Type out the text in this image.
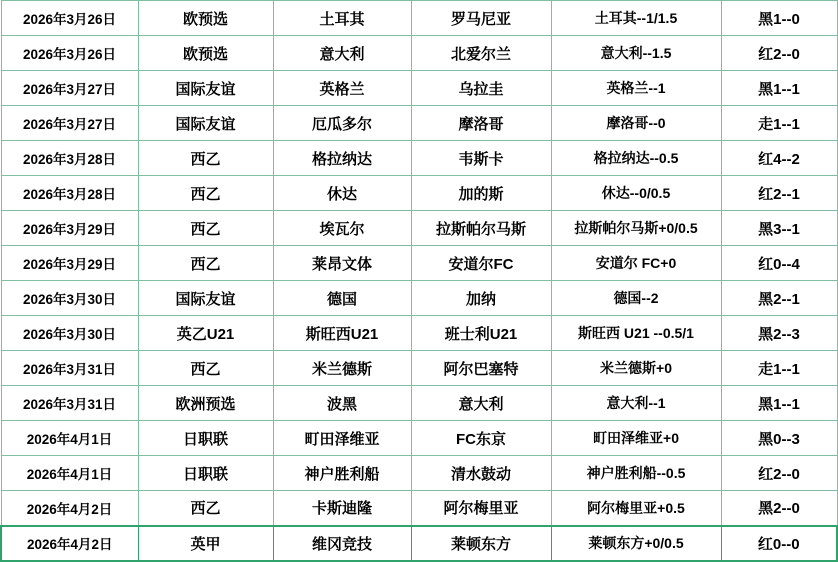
2026年3月26日	欧预选	土耳其	罗马尼亚	土耳其--1/1.5	黑1--0
2026年3月26日	欧预选	意大利	北爱尔兰	意大利--1.5	红2--0
2026年3月27日	国际友谊	英格兰	乌拉圭	英格兰--1	黑1--1
2026年3月27日	国际友谊	厄瓜多尔	摩洛哥	摩洛哥--0	走1--1
2026年3月28日	西乙	格拉纳达	韦斯卡	格拉纳达--0.5	红4--2
2026年3月28日	西乙	休达	加的斯	休达--0/0.5	红2--1
2026年3月29日	西乙	埃瓦尔	拉斯帕尔马斯	拉斯帕尔马斯+0/0.5	黑3--1
2026年3月29日	西乙	莱昂文体	安道尔FC	安道尔 FC+0	红0--4
2026年3月30日	国际友谊	德国	加纳	德国--2	黑2--1
2026年3月30日	英乙U21	斯旺西U21	班士利U21	斯旺西 U21 --0.5/1	黑2--3
2026年3月31日	西乙	米兰德斯	阿尔巴塞特	米兰德斯+0	走1--1
2026年3月31日	欧洲预选	波黑	意大利	意大利--1	黑1--1
2026年4月1日	日职联	町田泽维亚	FC东京	町田泽维亚+0	黑0--3
2026年4月1日	日职联	神户胜利船	清水鼓动	神户胜利船--0.5	红2--0
2026年4月2日	西乙	卡斯迪隆	阿尔梅里亚	阿尔梅里亚+0.5	黑2--0
2026年4月2日	英甲	维冈竞技	莱顿东方	莱顿东方+0/0.5	红0--0
